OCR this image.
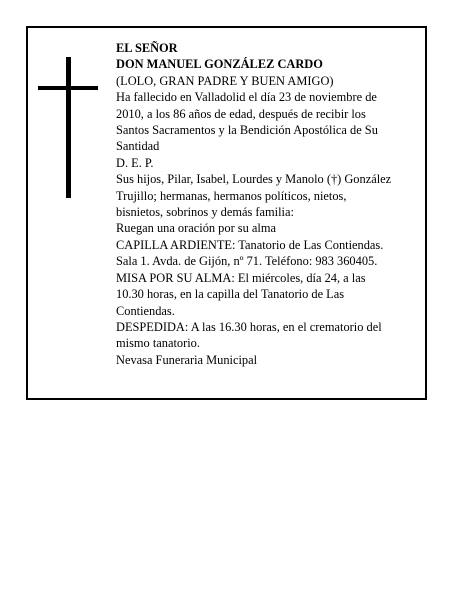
EL SEÑOR
DON MANUEL GONZÁLEZ CARDO
(LOLO, GRAN PADRE Y BUEN AMIGO)
Ha fallecido en Valladolid el día 23 de noviembre de
2010, a los 86 años de edad, después de recibir los
Santos Sacramentos y la Bendición Apostólica de Su
Santidad
D. E. P.
Sus hijos, Pilar, Isabel, Lourdes y Manolo (†) González
Trujillo; hermanas, hermanos políticos, nietos,
bisnietos, sobrinos y demás familia:
Ruegan una oración por su alma
CAPILLA ARDIENTE: Tanatorio de Las Contiendas.
Sala 1. Avda. de Gijón, nº 71. Teléfono: 983 360405.
MISA POR SU ALMA: El miércoles, día 24, a las
10.30 horas, en la capilla del Tanatorio de Las
Contiendas.
DESPEDIDA: A las 16.30 horas, en el crematorio del
mismo tanatorio.
Nevasa Funeraria Municipal
